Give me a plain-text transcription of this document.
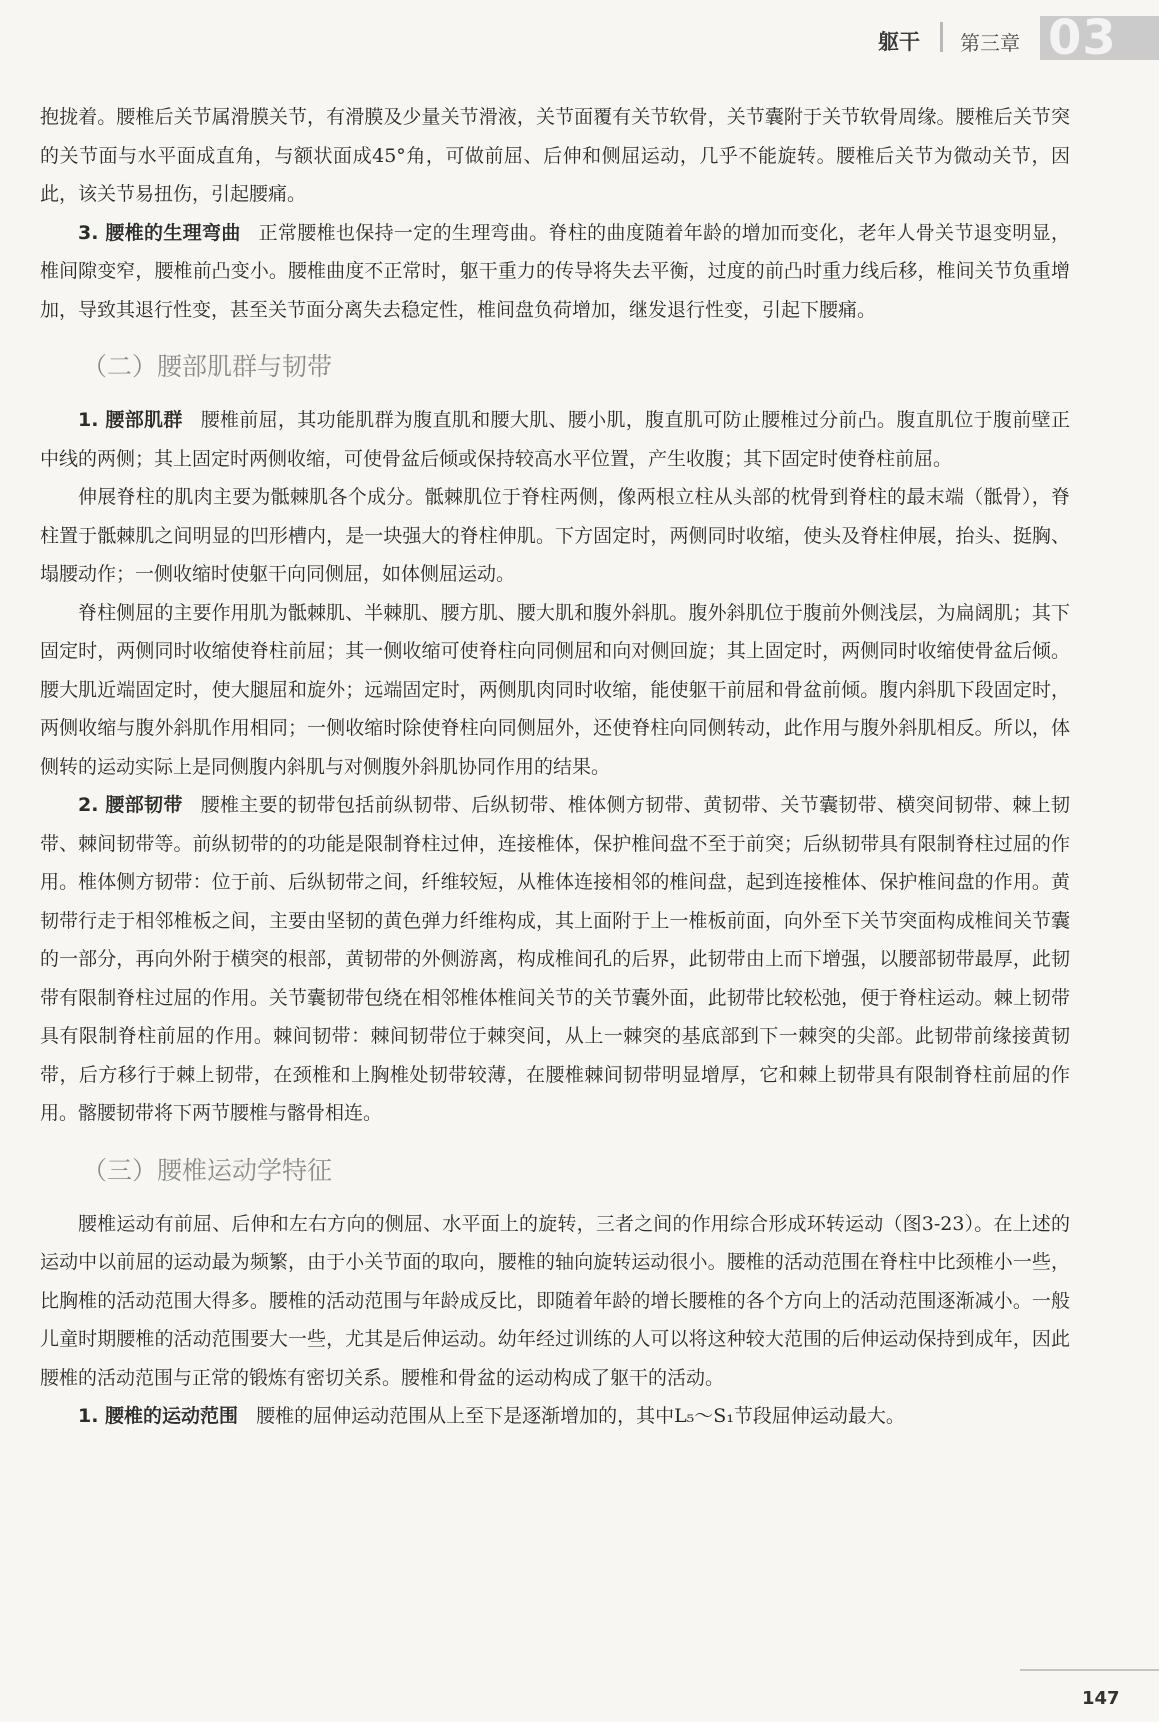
躯干 第三章 03

抱拢着。腰椎后关节属滑膜关节，有滑膜及少量关节滑液，关节面覆有关节软骨，关节囊附于关节软骨周缘。腰椎后关节突的关节面与水平面成直角，与额状面成45°角，可做前屈、后伸和侧屈运动，几乎不能旋转。腰椎后关节为微动关节，因此，该关节易扭伤，引起腰痛。

3. 腰椎的生理弯曲 正常腰椎也保持一定的生理弯曲。脊柱的曲度随着年龄的增加而变化，老年人骨关节退变明显，椎间隙变窄，腰椎前凸变小。腰椎曲度不正常时，躯干重力的传导将失去平衡，过度的前凸时重力线后移，椎间关节负重增加，导致其退行性变，甚至关节面分离失去稳定性，椎间盘负荷增加，继发退行性变，引起下腰痛。

（二）腰部肌群与韧带

1. 腰部肌群 腰椎前屈，其功能肌群为腹直肌和腰大肌、腰小肌，腹直肌可防止腰椎过分前凸。腹直肌位于腹前壁正中线的两侧；其上固定时两侧收缩，可使骨盆后倾或保持较高水平位置，产生收腹；其下固定时使脊柱前屈。

伸展脊柱的肌肉主要为骶棘肌各个成分。骶棘肌位于脊柱两侧，像两根立柱从头部的枕骨到脊柱的最末端（骶骨），脊柱置于骶棘肌之间明显的凹形槽内，是一块强大的脊柱伸肌。下方固定时，两侧同时收缩，使头及脊柱伸展，抬头、挺胸、塌腰动作；一侧收缩时使躯干向同侧屈，如体侧屈运动。

脊柱侧屈的主要作用肌为骶棘肌、半棘肌、腰方肌、腰大肌和腹外斜肌。腹外斜肌位于腹前外侧浅层，为扁阔肌；其下固定时，两侧同时收缩使脊柱前屈；其一侧收缩可使脊柱向同侧屈和向对侧回旋；其上固定时，两侧同时收缩使骨盆后倾。腰大肌近端固定时，使大腿屈和旋外；远端固定时，两侧肌肉同时收缩，能使躯干前屈和骨盆前倾。腹内斜肌下段固定时，两侧收缩与腹外斜肌作用相同；一侧收缩时除使脊柱向同侧屈外，还使脊柱向同侧转动，此作用与腹外斜肌相反。所以，体侧转的运动实际上是同侧腹内斜肌与对侧腹外斜肌协同作用的结果。

2. 腰部韧带 腰椎主要的韧带包括前纵韧带、后纵韧带、椎体侧方韧带、黄韧带、关节囊韧带、横突间韧带、棘上韧带、棘间韧带等。前纵韧带的的功能是限制脊柱过伸，连接椎体，保护椎间盘不至于前突；后纵韧带具有限制脊柱过屈的作用。椎体侧方韧带：位于前、后纵韧带之间，纤维较短，从椎体连接相邻的椎间盘，起到连接椎体、保护椎间盘的作用。黄韧带行走于相邻椎板之间，主要由坚韧的黄色弹力纤维构成，其上面附于上一椎板前面，向外至下关节突面构成椎间关节囊的一部分，再向外附于横突的根部，黄韧带的外侧游离，构成椎间孔的后界，此韧带由上而下增强，以腰部韧带最厚，此韧带有限制脊柱过屈的作用。关节囊韧带包绕在相邻椎体椎间关节的关节囊外面，此韧带比较松弛，便于脊柱运动。棘上韧带具有限制脊柱前屈的作用。棘间韧带：棘间韧带位于棘突间，从上一棘突的基底部到下一棘突的尖部。此韧带前缘接黄韧带，后方移行于棘上韧带，在颈椎和上胸椎处韧带较薄，在腰椎棘间韧带明显增厚，它和棘上韧带具有限制脊柱前屈的作用。髂腰韧带将下两节腰椎与髂骨相连。

（三）腰椎运动学特征

腰椎运动有前屈、后伸和左右方向的侧屈、水平面上的旋转，三者之间的作用综合形成环转运动（图3-23）。在上述的运动中以前屈的运动最为频繁，由于小关节面的取向，腰椎的轴向旋转运动很小。腰椎的活动范围在脊柱中比颈椎小一些，比胸椎的活动范围大得多。腰椎的活动范围与年龄成反比，即随着年龄的增长腰椎的各个方向上的活动范围逐渐减小。一般儿童时期腰椎的活动范围要大一些，尤其是后伸运动。幼年经过训练的人可以将这种较大范围的后伸运动保持到成年，因此腰椎的活动范围与正常的锻炼有密切关系。腰椎和骨盆的运动构成了躯干的活动。

1. 腰椎的运动范围 腰椎的屈伸运动范围从上至下是逐渐增加的，其中L₅～S₁节段屈伸运动最大。

147
